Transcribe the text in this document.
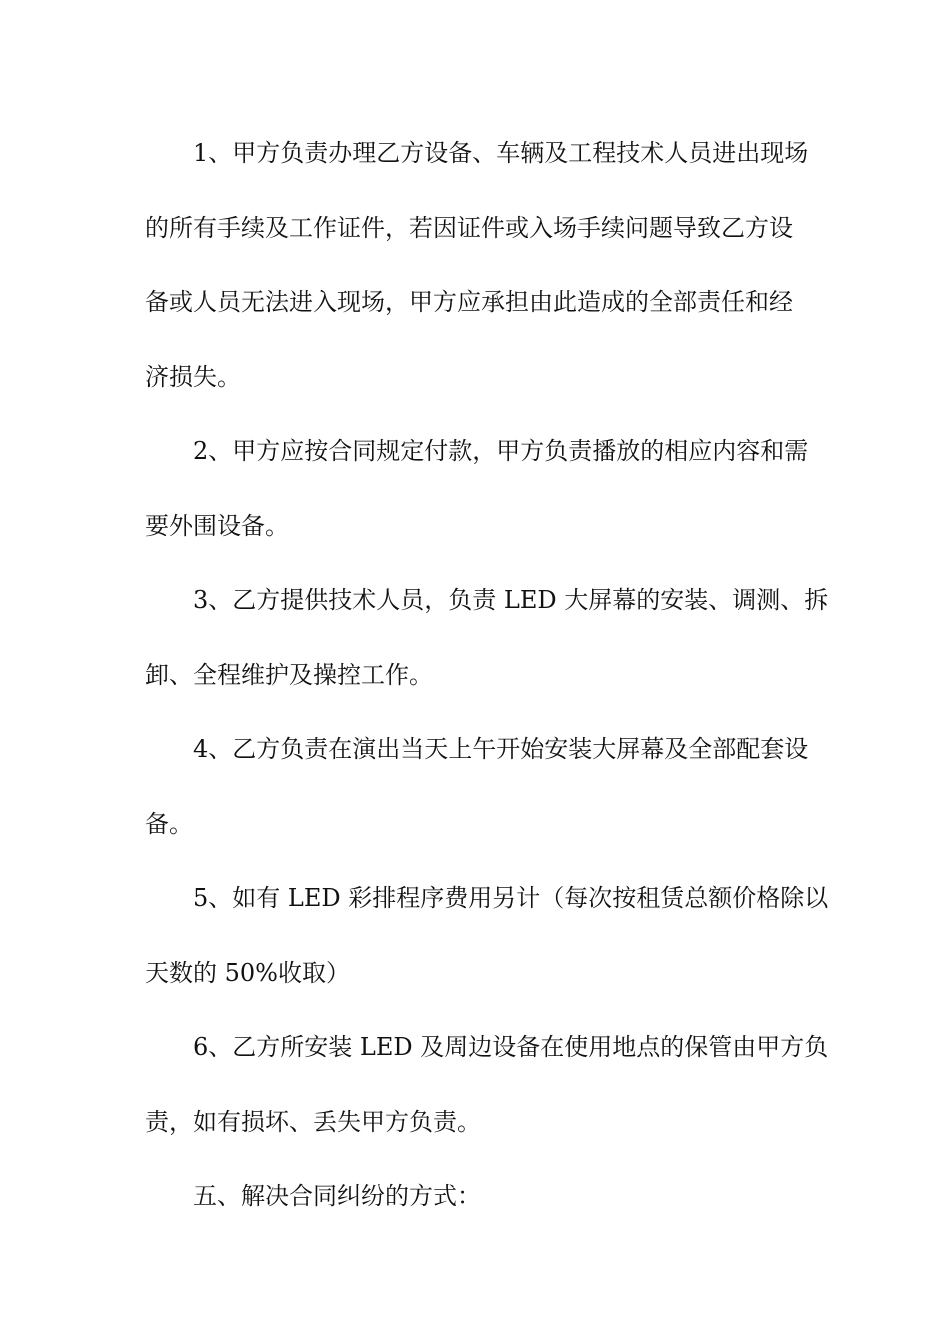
1、甲方负责办理乙方设备、车辆及工程技术人员进出现场
的所有手续及工作证件，若因证件或入场手续问题导致乙方设
备或人员无法进入现场，甲方应承担由此造成的全部责任和经
济损失。
2、甲方应按合同规定付款，甲方负责播放的相应内容和需
要外围设备。
3、乙方提供技术人员，负责 LED 大屏幕的安装、调测、拆
卸、全程维护及操控工作。
4、乙方负责在演出当天上午开始安装大屏幕及全部配套设
备。
5、如有 LED 彩排程序费用另计（每次按租赁总额价格除以
天数的 50%收取）
6、乙方所安装 LED 及周边设备在使用地点的保管由甲方负
责，如有损坏、丢失甲方负责。
五、解决合同纠纷的方式：
